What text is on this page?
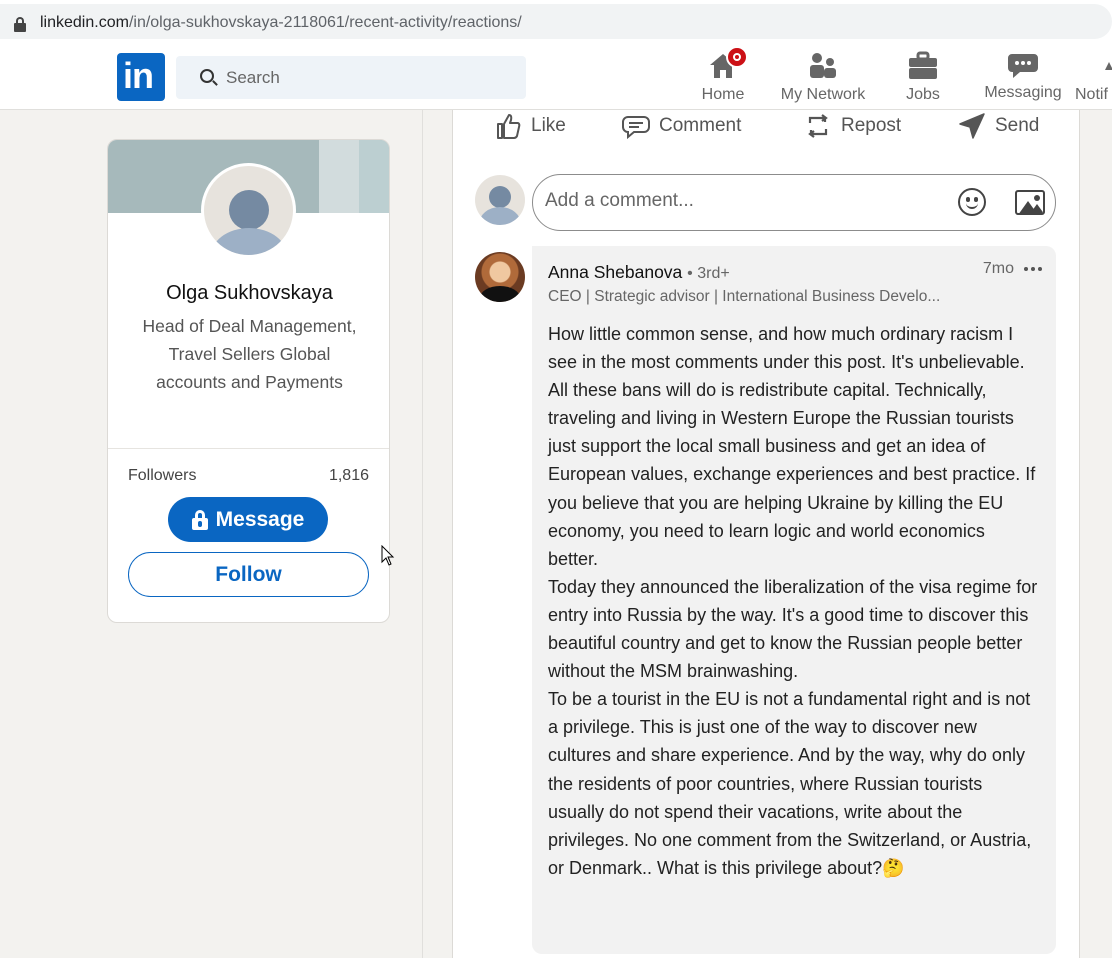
linkedin.com/in/olga-sukhovskaya-2118061/recent-activity/reactions/
in
Search	Home	My Network	Jobs	Messaging Notif
Olga Sukhovskaya
Head of Deal Management, Travel Sellers Global accounts and Payments
Followers	1,816
Message
Follow
Like	Comment	Repost	Send
Add a comment...
Anna Shebanova • 3rd+	7mo
CEO | Strategic advisor | International Business Develo...
How little common sense, and how much ordinary racism I see in the most comments under this post. It's unbelievable.
All these bans will do is redistribute capital. Technically, traveling and living in Western Europe the Russian tourists just support the local small business and get an idea of European values, exchange experiences and best practice. If you believe that you are helping Ukraine by killing the EU economy, you need to learn logic and world economics better.
Today they announced the liberalization of the visa regime for entry into Russia by the way. It's a good time to discover this beautiful country and get to know the Russian people better without the MSM brainwashing.
To be a tourist in the EU is not a fundamental right and is not a privilege. This is just one of the way to discover new cultures and share experience. And by the way, why do only the residents of poor countries, where Russian tourists usually do not spend their vacations, write about the privileges. No one comment from the Switzerland, or Austria, or Denmark.. What is this privilege about?🤔
